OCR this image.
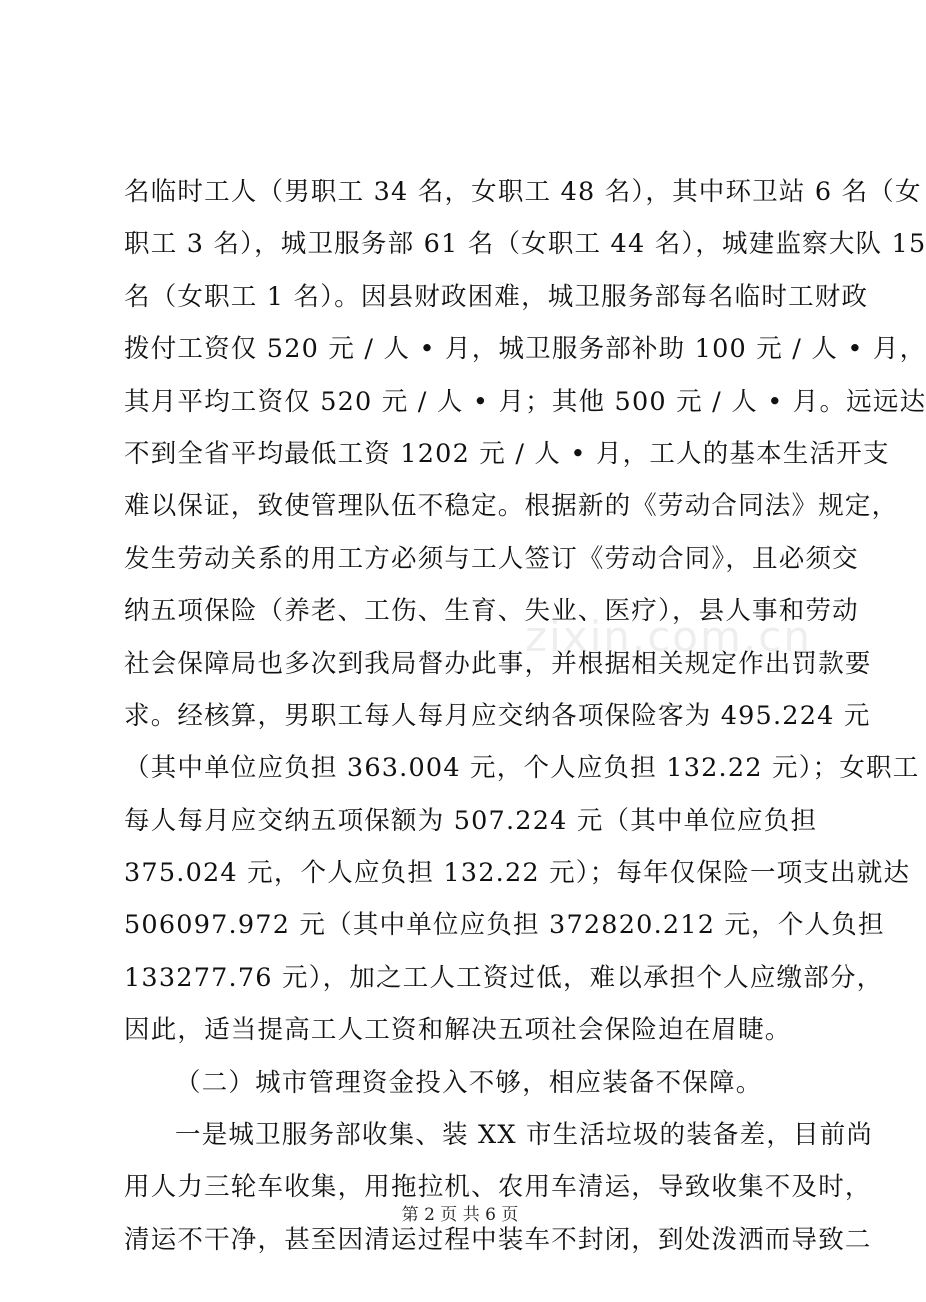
名临时工人（男职工 34 名，女职工 48 名），其中环卫站 6 名（女
职工 3 名），城卫服务部 61 名（女职工 44 名），城建监察大队 15
名（女职工 1 名）。因县财政困难，城卫服务部每名临时工财政
拨付工资仅 520 元 / 人 • 月，城卫服务部补助 100 元 / 人 • 月，
其月平均工资仅 520 元 / 人 • 月；其他 500 元 / 人 • 月。远远达
不到全省平均最低工资 1202 元 / 人 • 月，工人的基本生活开支
难以保证，致使管理队伍不稳定。根据新的《劳动合同法》规定，
发生劳动关系的用工方必须与工人签订《劳动合同》，且必须交
纳五项保险（养老、工伤、生育、失业、医疗），县人事和劳动
社会保障局也多次到我局督办此事，并根据相关规定作出罚款要
求。经核算，男职工每人每月应交纳各项保险客为 495.224 元
（其中单位应负担 363.004 元，个人应负担 132.22 元）；女职工
每人每月应交纳五项保额为 507.224 元（其中单位应负担
375.024 元，个人应负担 132.22 元）；每年仅保险一项支出就达
506097.972 元（其中单位应负担 372820.212 元，个人负担
133277.76 元），加之工人工资过低，难以承担个人应缴部分，
因此，适当提高工人工资和解决五项社会保险迫在眉睫。
（二）城市管理资金投入不够，相应装备不保障。
一是城卫服务部收集、装 XX 市生活垃圾的装备差，目前尚
用人力三轮车收集，用拖拉机、农用车清运，导致收集不及时，
清运不干净，甚至因清运过程中装车不封闭，到处泼洒而导致二
zixin.com.cn
第 2 页 共 6 页
